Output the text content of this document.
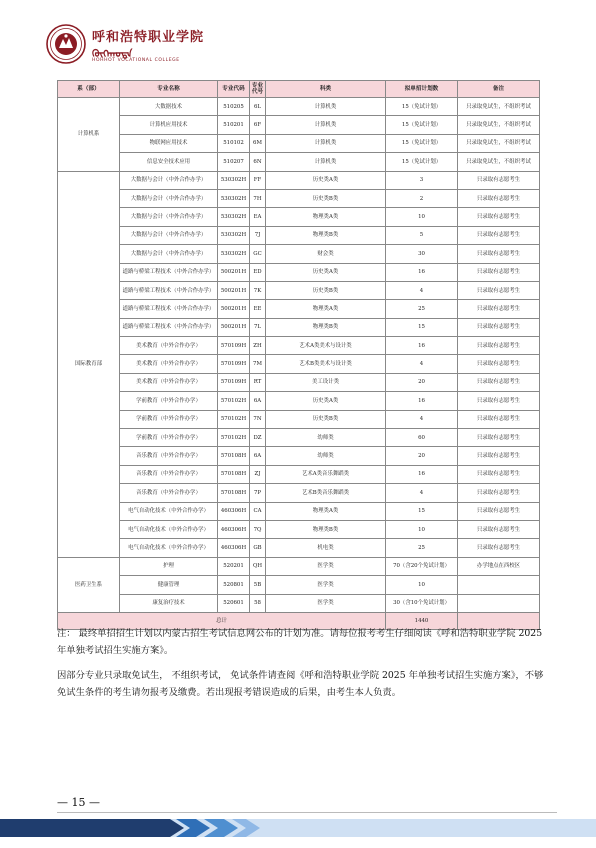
呼和浩特职业学院
ᠬᠥᠬᠡᠬᠣᠲᠠ
HOHHOT VOCATIONAL COLLEGE
系（部）	专业名称	专业代码	专业代号	科类	拟单招计划数	备注
计算机系	大数据技术	510205	6L	计算机类	15（免试计划）	只录取免试生，不组织考试
	计算机应用技术	510201	6F	计算机类	15（免试计划）	只录取免试生，不组织考试
	物联网应用技术	510102	6M	计算机类	15（免试计划）	只录取免试生，不组织考试
	信息安全技术应用	510207	6N	计算机类	15（免试计划）	只录取免试生，不组织考试
国际教育部	大数据与会计（中外合作办学）	530302H	FF	历史类A类	3	只录取有志愿考生
	大数据与会计（中外合作办学）	530302H	7H	历史类B类	2	只录取有志愿考生
	大数据与会计（中外合作办学）	530302H	EA	物理类A类	10	只录取有志愿考生
	大数据与会计（中外合作办学）	530302H	7J	物理类B类	5	只录取有志愿考生
	大数据与会计（中外合作办学）	530302H	GC	财会类	30	只录取有志愿考生
	道路与桥梁工程技术（中外合作办学）	500201H	ED	历史类A类	16	只录取有志愿考生
	道路与桥梁工程技术（中外合作办学）	500201H	7K	历史类B类	4	只录取有志愿考生
	道路与桥梁工程技术（中外合作办学）	500201H	EE	物理类A类	25	只录取有志愿考生
	道路与桥梁工程技术（中外合作办学）	500201H	7L	物理类B类	15	只录取有志愿考生
	美术教育（中外合作办学）	570109H	ZH	艺术A类美术与设计类	16	只录取有志愿考生
	美术教育（中外合作办学）	570109H	7M	艺术B类美术与设计类	4	只录取有志愿考生
	美术教育（中外合作办学）	570109H	RT	美工设计类	20	只录取有志愿考生
	学前教育（中外合作办学）	570102H	6A	历史类A类	16	只录取有志愿考生
	学前教育（中外合作办学）	570102H	7N	历史类B类	4	只录取有志愿考生
	学前教育（中外合作办学）	570102H	DZ	幼师类	60	只录取有志愿考生
	音乐教育（中外合作办学）	570108H	6A	幼师类	20	只录取有志愿考生
	音乐教育（中外合作办学）	570108H	ZJ	艺术A类音乐舞蹈类	16	只录取有志愿考生
	音乐教育（中外合作办学）	570108H	7P	艺术B类音乐舞蹈类	4	只录取有志愿考生
	电气自动化技术（中外合作办学）	460306H	CA	物理类A类	15	只录取有志愿考生
	电气自动化技术（中外合作办学）	460306H	7Q	物理类B类	10	只录取有志愿考生
	电气自动化技术（中外合作办学）	460306H	GB	机电类	25	只录取有志愿考生
医药卫生系	护理	520201	QH	医学类	70（含20个免试计划）	办学地点在西校区
	健康管理	520801	5B	医学类	10	
	康复治疗技术	520601	58	医学类	30（含10个免试计划）	
总计					1440	
注： 最终单招招生计划以内蒙古招生考试信息网公布的计划为准。请每位报考考生仔细阅读《呼和浩特职业学院 2025 年单独考试招生实施方案》。
因部分专业只录取免试生， 不组织考试， 免试条件请查阅《呼和浩特职业学院 2025 年单独考试招生实施方案》，不够免试生条件的考生请勿报考及缴费。若出现报考错误造成的后果，由考生本人负责。
— 15 —
